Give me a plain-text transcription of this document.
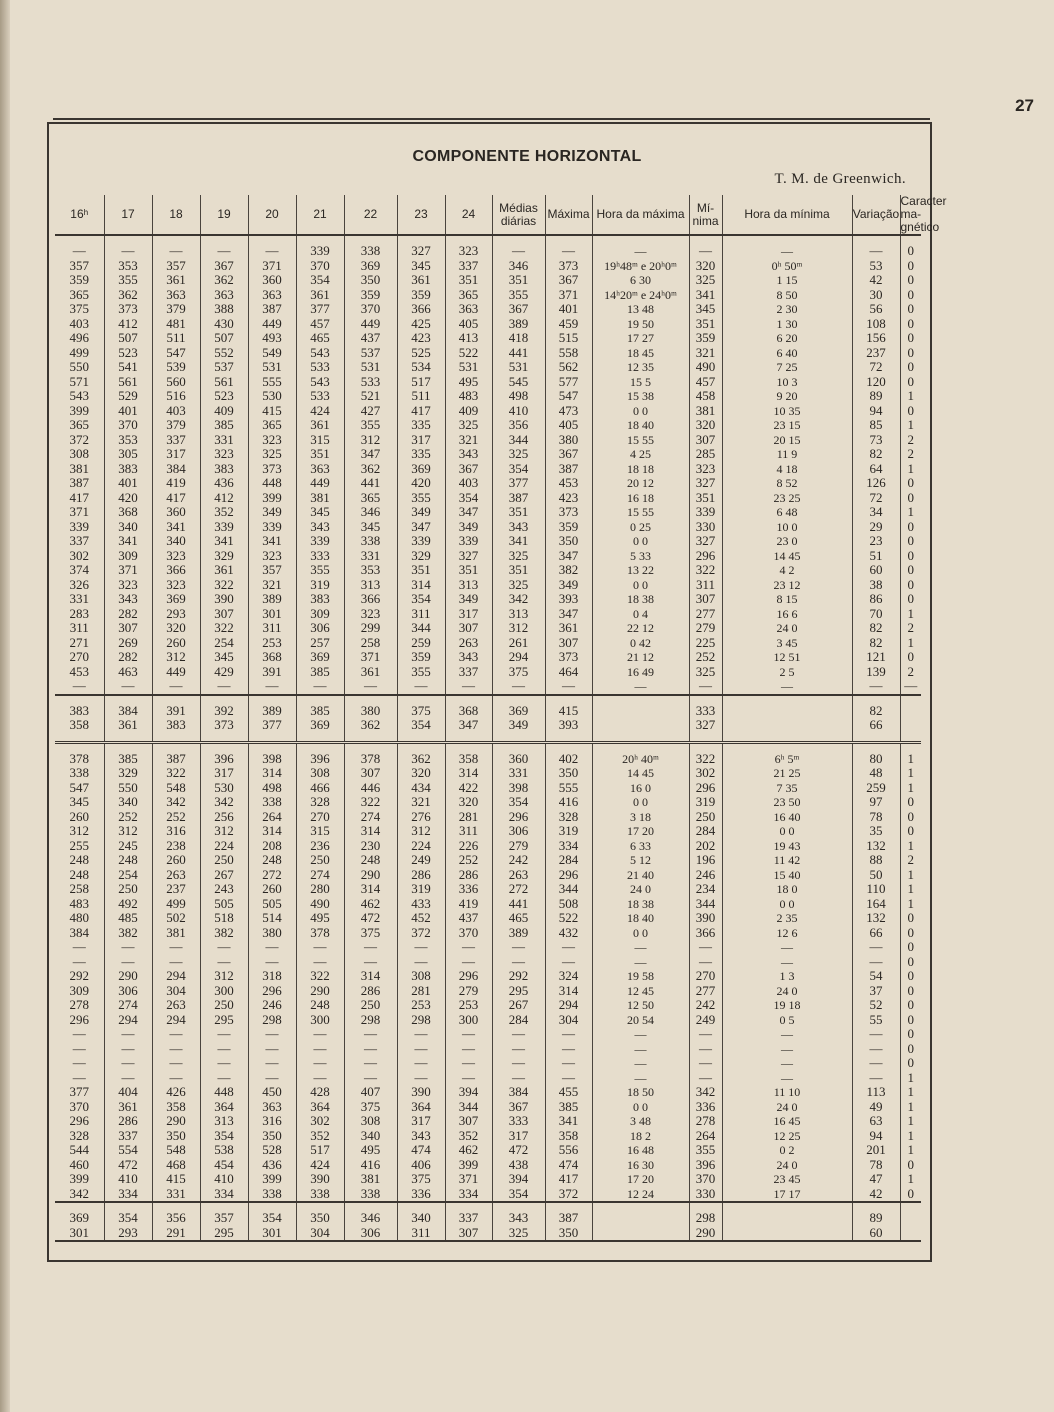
27
COMPONENTE HORIZONTAL
T. M. de Greenwich.
16ʰ	17	18	19	20	21	22	23	24	Médias
diárias	Máxima	Hora da máxima	Mí-
nima	Hora da mínima	Variação	Caracter
ma-
gnético

—	—	—	—	—	339	338	327	323	—	—	—	—	—	—	0
357	353	357	367	371	370	369	345	337	346	373	19ʰ48ᵐ e 20ʰ0ᵐ	320	0ʰ 50ᵐ	53	0
359	355	361	362	360	354	350	361	351	351	367	6 30	325	1 15	42	0
365	362	363	363	363	361	359	359	365	355	371	14ʰ20ᵐ e 24ʰ0ᵐ	341	8 50	30	0
375	373	379	388	387	377	370	366	363	367	401	13 48	345	2 30	56	0
403	412	481	430	449	457	449	425	405	389	459	19 50	351	1 30	108	0
496	507	511	507	493	465	437	423	413	418	515	17 27	359	6 20	156	0
499	523	547	552	549	543	537	525	522	441	558	18 45	321	6 40	237	0
550	541	539	537	531	533	531	534	531	531	562	12 35	490	7 25	72	0
571	561	560	561	555	543	533	517	495	545	577	15 5	457	10 3	120	0
543	529	516	523	530	533	521	511	483	498	547	15 38	458	9 20	89	1
399	401	403	409	415	424	427	417	409	410	473	0 0	381	10 35	94	0
365	370	379	385	365	361	355	335	325	356	405	18 40	320	23 15	85	1
372	353	337	331	323	315	312	317	321	344	380	15 55	307	20 15	73	2
308	305	317	323	325	351	347	335	343	325	367	4 25	285	11 9	82	2
381	383	384	383	373	363	362	369	367	354	387	18 18	323	4 18	64	1
387	401	419	436	448	449	441	420	403	377	453	20 12	327	8 52	126	0
417	420	417	412	399	381	365	355	354	387	423	16 18	351	23 25	72	0
371	368	360	352	349	345	346	349	347	351	373	15 55	339	6 48	34	1
339	340	341	339	339	343	345	347	349	343	359	0 25	330	10 0	29	0
337	341	340	341	341	339	338	339	339	341	350	0 0	327	23 0	23	0
302	309	323	329	323	333	331	329	327	325	347	5 33	296	14 45	51	0
374	371	366	361	357	355	353	351	351	351	382	13 22	322	4 2	60	0
326	323	323	322	321	319	313	314	313	325	349	0 0	311	23 12	38	0
331	343	369	390	389	383	366	354	349	342	393	18 38	307	8 15	86	0
283	282	293	307	301	309	323	311	317	313	347	0 4	277	16 6	70	1
311	307	320	322	311	306	299	344	307	312	361	22 12	279	24 0	82	2
271	269	260	254	253	257	258	259	263	261	307	0 42	225	3 45	82	1
270	282	312	345	368	369	371	359	343	294	373	21 12	252	12 51	121	0
453	463	449	429	391	385	361	355	337	375	464	16 49	325	2 5	139	2
—	—	—	—	—	—	—	—	—	—	—	—	—	—	—	—

383	384	391	392	389	385	380	375	368	369	415		333		82	
358	361	383	373	377	369	362	354	347	349	393		327		66	

378	385	387	396	398	396	378	362	358	360	402	20ʰ 40ᵐ	322	6ʰ 5ᵐ	80	1
338	329	322	317	314	308	307	320	314	331	350	14 45	302	21 25	48	1
547	550	548	530	498	466	446	434	422	398	555	16 0	296	7 35	259	1
345	340	342	342	338	328	322	321	320	354	416	0 0	319	23 50	97	0
260	252	252	256	264	270	274	276	281	296	328	3 18	250	16 40	78	0
312	312	316	312	314	315	314	312	311	306	319	17 20	284	0 0	35	0
255	245	238	224	208	236	230	224	226	279	334	6 33	202	19 43	132	1
248	248	260	250	248	250	248	249	252	242	284	5 12	196	11 42	88	2
248	254	263	267	272	274	290	286	286	263	296	21 40	246	15 40	50	1
258	250	237	243	260	280	314	319	336	272	344	24 0	234	18 0	110	1
483	492	499	505	505	490	462	433	419	441	508	18 38	344	0 0	164	1
480	485	502	518	514	495	472	452	437	465	522	18 40	390	2 35	132	0
384	382	381	382	380	378	375	372	370	389	432	0 0	366	12 6	66	0
—	—	—	—	—	—	—	—	—	—	—	—	—	—	—	0
—	—	—	—	—	—	—	—	—	—	—	—	—	—	—	0
292	290	294	312	318	322	314	308	296	292	324	19 58	270	1 3	54	0
309	306	304	300	296	290	286	281	279	295	314	12 45	277	24 0	37	0
278	274	263	250	246	248	250	253	253	267	294	12 50	242	19 18	52	0
296	294	294	295	298	300	298	298	300	284	304	20 54	249	0 5	55	0
—	—	—	—	—	—	—	—	—	—	—	—	—	—	—	0
—	—	—	—	—	—	—	—	—	—	—	—	—	—	—	0
—	—	—	—	—	—	—	—	—	—	—	—	—	—	—	0
—	—	—	—	—	—	—	—	—	—	—	—	—	—	—	1
377	404	426	448	450	428	407	390	394	384	455	18 50	342	11 10	113	1
370	361	358	364	363	364	375	364	344	367	385	0 0	336	24 0	49	1
296	286	290	313	316	302	308	317	307	333	341	3 48	278	16 45	63	1
328	337	350	354	350	352	340	343	352	317	358	18 2	264	12 25	94	1
544	554	548	538	528	517	495	474	462	472	556	16 48	355	0 2	201	1
460	472	468	454	436	424	416	406	399	438	474	16 30	396	24 0	78	0
399	410	415	410	399	390	381	375	371	394	417	17 20	370	23 45	47	1
342	334	331	334	338	338	338	336	334	354	372	12 24	330	17 17	42	0

369	354	356	357	354	350	346	340	337	343	387		298		89	
301	293	291	295	301	304	306	311	307	325	350		290		60	
